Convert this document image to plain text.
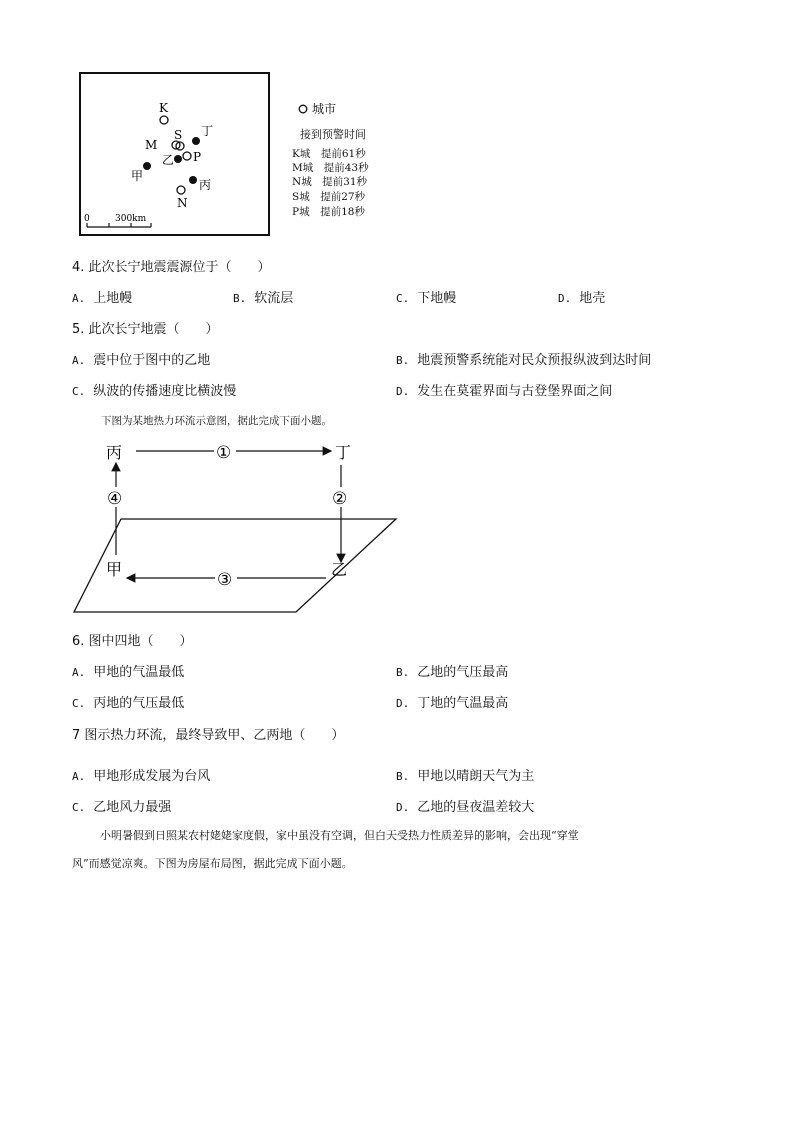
K
M
S
P
N
甲
乙
丙
丁
0	300km
城市
接到预警时间
K城　提前61秒
M城　提前43秒
N城　提前31秒
S城　提前27秒
P城　提前18秒
4. 此次长宁地震震源位于（　　）
A. 上地幔	B. 软流层	C. 下地幔	D. 地壳
5. 此次长宁地震（　　）
A. 震中位于图中的乙地	B. 地震预警系统能对民众预报纵波到达时间
C. 纵波的传播速度比横波慢	D. 发生在莫霍界面与古登堡界面之间
下图为某地热力环流示意图，据此完成下面小题。
丙	丁
甲	乙
①
②
③
④
6. 图中四地（　　）
A. 甲地的气温最低	B. 乙地的气压最高
C. 丙地的气压最低	D. 丁地的气温最高
7 图示热力环流，最终导致甲、乙两地（　　）
A. 甲地形成发展为台风	B. 甲地以晴朗天气为主
C. 乙地风力最强	D. 乙地的昼夜温差较大
小明暑假到日照某农村姥姥家度假，家中虽没有空调，但白天受热力性质差异的影响，会出现“穿堂
风”而感觉凉爽。下图为房屋布局图，据此完成下面小题。
